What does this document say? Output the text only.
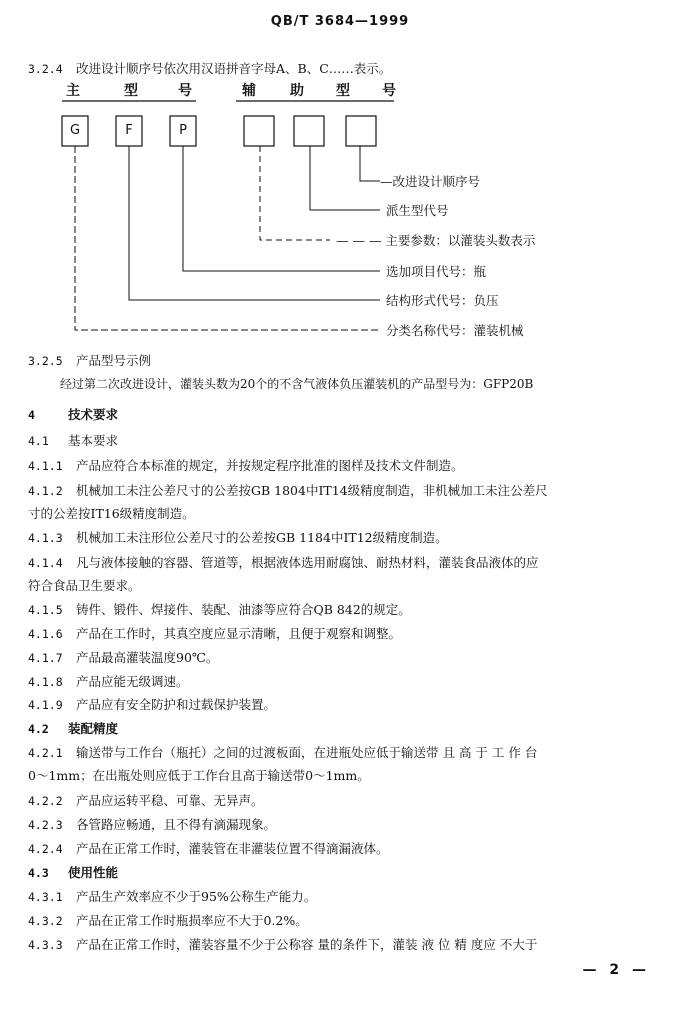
QB/T 3684—1999
3.2.4 改进设计顺序号依次用汉语拼音字母A、B、C……表示。
主	型	号	辅 助 型 号
G	F	P
—改进设计顺序号
派生型代号
— — — 主要参数：以灌装头数表示
选加项目代号：瓶
结构形式代号：负压
分类名称代号：灌装机械
3.2.5 产品型号示例
经过第二次改进设计，灌装头数为20个的不含气液体负压灌装机的产品型号为：GFP20B
4	技术要求
4.1 基本要求
4.1.1 产品应符合本标准的规定，并按规定程序批准的图样及技术文件制造。
4.1.2 机械加工未注公差尺寸的公差按GB 1804中IT14级精度制造，非机械加工未注公差尺
寸的公差按IT16级精度制造。
4.1.3 机械加工未注形位公差尺寸的公差按GB 1184中IT12级精度制造。
4.1.4 凡与液体接触的容器、管道等，根据液体选用耐腐蚀、耐热材料，灌装食品液体的应
符合食品卫生要求。
4.1.5 铸件、锻件、焊接件、装配、油漆等应符合QB 842的规定。
4.1.6 产品在工作时，其真空度应显示清晰，且便于观察和调整。
4.1.7 产品最高灌装温度90℃。
4.1.8 产品应能无级调速。
4.1.9 产品应有安全防护和过载保护装置。
4.2 装配精度
4.2.1 输送带与工作台（瓶托）之间的过渡板面，在进瓶处应低于输送带 且 高 于 工 作 台
0～1mm；在出瓶处则应低于工作台且高于输送带0～1mm。
4.2.2 产品应运转平稳、可靠、无异声。
4.2.3 各管路应畅通，且不得有滴漏现象。
4.2.4 产品在正常工作时，灌装管在非灌装位置不得滴漏液体。
4.3 使用性能
4.3.1 产品生产效率应不少于95%公称生产能力。
4.3.2 产品在正常工作时瓶损率应不大于0.2%。
4.3.3 产品在正常工作时，灌装容量不少于公称容 量的条件下，灌装 液 位 精 度应 不大于
— 2 —
